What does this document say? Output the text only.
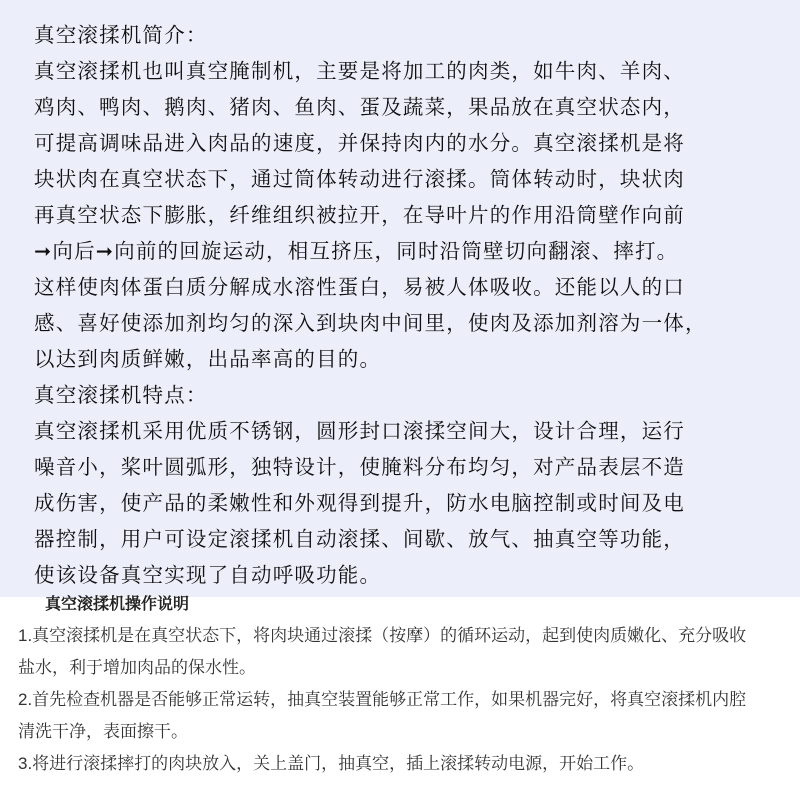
真空滚揉机简介：

真空滚揉机也叫真空腌制机，主要是将加工的肉类，如牛肉、羊肉、

鸡肉、鸭肉、鹅肉、猪肉、鱼肉、蛋及蔬菜，果品放在真空状态内，

可提高调味品进入肉品的速度，并保持肉内的水分。真空滚揉机是将

块状肉在真空状态下，通过筒体转动进行滚揉。筒体转动时，块状肉

再真空状态下膨胀，纤维组织被拉开，在导叶片的作用沿筒壁作向前

➞向后➞向前的回旋运动，相互挤压，同时沿筒壁切向翻滚、摔打。

这样使肉体蛋白质分解成水溶性蛋白，易被人体吸收。还能以人的口

感、喜好使添加剂均匀的深入到块肉中间里，使肉及添加剂溶为一体，

以达到肉质鲜嫩，出品率高的目的。

真空滚揉机特点：

真空滚揉机采用优质不锈钢，圆形封口滚揉空间大，设计合理，运行

噪音小，桨叶圆弧形，独特设计，使腌料分布均匀，对产品表层不造

成伤害，使产品的柔嫩性和外观得到提升，防水电脑控制或时间及电

器控制，用户可设定滚揉机自动滚揉、间歇、放气、抽真空等功能，

使该设备真空实现了自动呼吸功能。

真空滚揉机操作说明

1.真空滚揉机是在真空状态下，将肉块通过滚揉（按摩）的循环运动，起到使肉质嫩化、充分吸收

盐水，利于增加肉品的保水性。

2.首先检查机器是否能够正常运转，抽真空装置能够正常工作，如果机器完好，将真空滚揉机内腔

清洗干净，表面擦干。

3.将进行滚揉摔打的肉块放入，关上盖门，抽真空，插上滚揉转动电源，开始工作。
